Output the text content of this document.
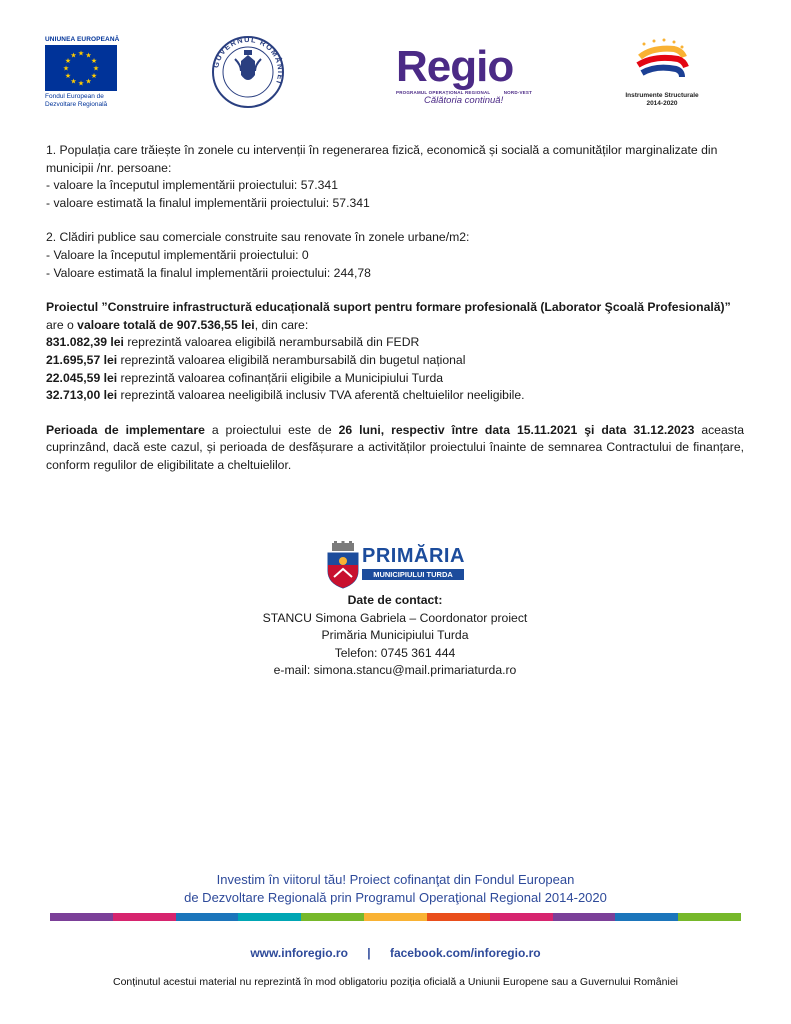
UNIUNEA EUROPEANĂ
★
★
★
★
★
★
★
★
★ ★ ★
★
Fondul European de
Dezvoltare Regională
GUVERNUL ROMÂNIEI	Regio
PROGRAMUL OPERAȚIONAL REGIONAL	NORD-VEST
Călătoria continuă!	Instrumente Structurale
2014-2020

1. Populația care trăiește în zonele cu intervenții în regenerarea fizică, economică și socială a comunităților marginalizate din municipii /nr. persoane:

- valoare la începutul implementării proiectului: 57.341

- valoare estimată la finalul implementării proiectului: 57.341

2. Clădiri publice sau comerciale construite sau renovate în zonele urbane/m2:

- Valoare la începutul implementării proiectului: 0

- Valoare estimată la finalul implementării proiectului: 244,78

Proiectul ”Construire infrastructură educațională suport pentru formare profesională (Laborator Şcoală Profesională)”

are o valoare totală de 907.536,55 lei, din care:

831.082,39 lei reprezintă valoarea eligibilă nerambursabilă din FEDR

21.695,57 lei reprezintă valoarea eligibilă nerambursabilă din bugetul național

22.045,59 lei reprezintă valoarea cofinanțării eligibile a Municipiului Turda

32.713,00 lei reprezintă valoarea neeligibilă inclusiv TVA aferentă cheltuielilor neeligibile.

Perioada de implementare a proiectului este de 26 luni, respectiv între data 15.11.2021 şi data 31.12.2023 aceasta cuprinzând, dacă este cazul, și perioada de desfășurare a activităților proiectului înainte de semnarea Contractului de finanțare, conform regulilor de eligibilitate a cheltuielilor.

PRIMĂRIA
MUNICIPIULUI TURDA
Date de contact:
STANCU Simona Gabriela – Coordonator proiect
Primăria Municipiului Turda
Telefon: 0745 361 444
e-mail: simona.stancu@mail.primariaturda.ro
Investim în viitorul tău! Proiect cofinanţat din Fondul European
de Dezvoltare Regională prin Programul Operaţional Regional 2014-2020
www.inforegio.ro | facebook.com/inforegio.ro
Conținutul acestui material nu reprezintă în mod obligatoriu poziția oficială a Uniunii Europene sau a Guvernului României
